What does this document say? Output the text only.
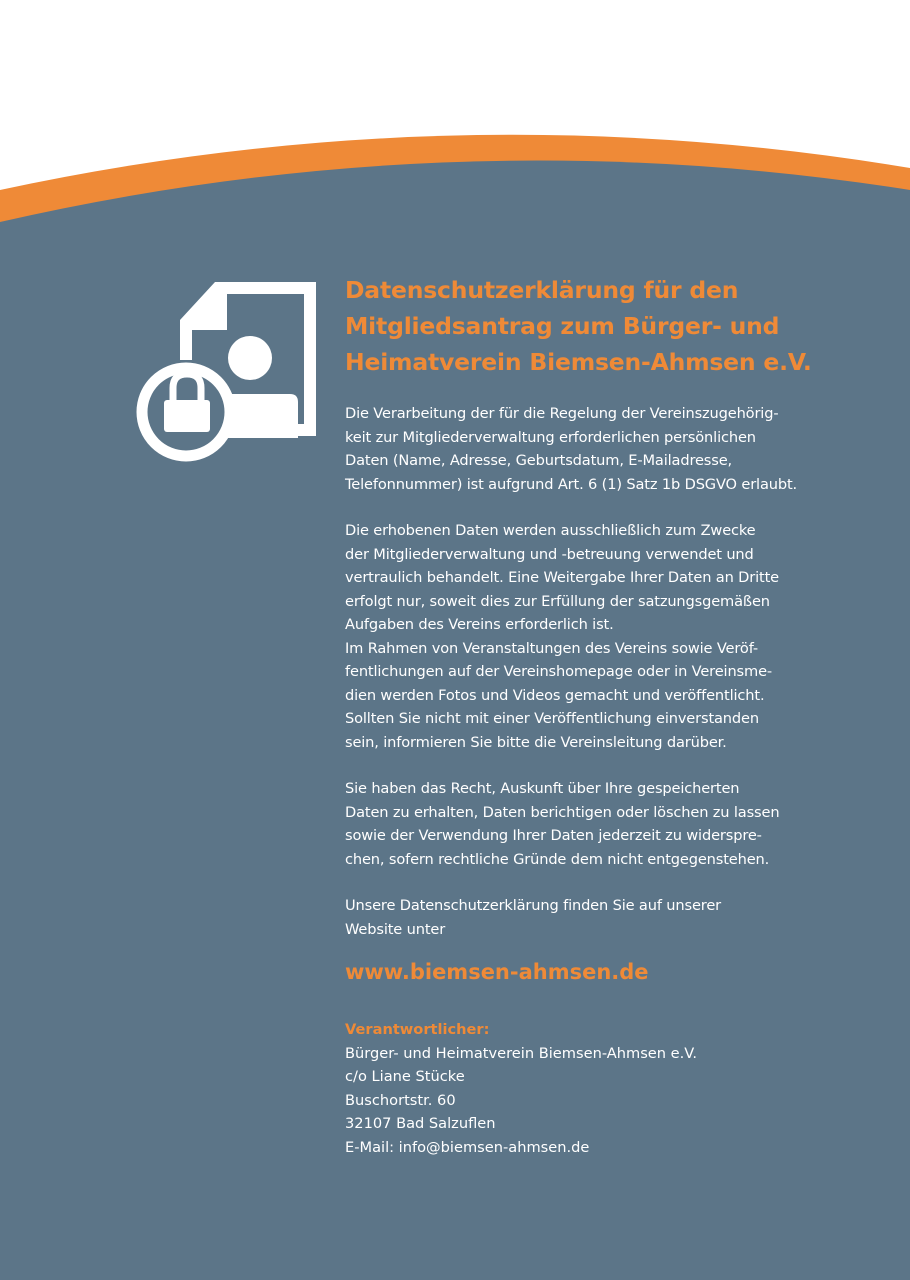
Datenschutzerklärung für den
Mitgliedsantrag zum Bürger- und
Heimatverein Biemsen-Ahmsen e.V.

Die Verarbeitung der für die Regelung der Vereinszugehörig-
keit zur Mitgliederverwaltung erforderlichen persönlichen
Daten (Name, Adresse, Geburtsdatum, E-Mailadresse,
Telefonnummer) ist aufgrund Art. 6 (1) Satz 1b DSGVO erlaubt.

Die erhobenen Daten werden ausschließlich zum Zwecke
der Mitgliederverwaltung und -betreuung verwendet und
vertraulich behandelt. Eine Weitergabe Ihrer Daten an Dritte
erfolgt nur, soweit dies zur Erfüllung der satzungsgemäßen
Aufgaben des Vereins erforderlich ist.
Im Rahmen von Veranstaltungen des Vereins sowie Veröf-
fentlichungen auf der Vereinshomepage oder in Vereinsme-
dien werden Fotos und Videos gemacht und veröffentlicht.
Sollten Sie nicht mit einer Veröffentlichung einverstanden
sein, informieren Sie bitte die Vereinsleitung darüber.

Sie haben das Recht, Auskunft über Ihre gespeicherten
Daten zu erhalten, Daten berichtigen oder löschen zu lassen
sowie der Verwendung Ihrer Daten jederzeit zu widerspre-
chen, sofern rechtliche Gründe dem nicht entgegenstehen.

Unsere Datenschutzerklärung finden Sie auf unserer
Website unter

www.biemsen-ahmsen.de
Verantwortlicher:

Bürger- und Heimatverein Biemsen-Ahmsen e.V.
c/o Liane Stücke
Buschortstr. 60
32107 Bad Salzuflen
E-Mail: info@biemsen-ahmsen.de
